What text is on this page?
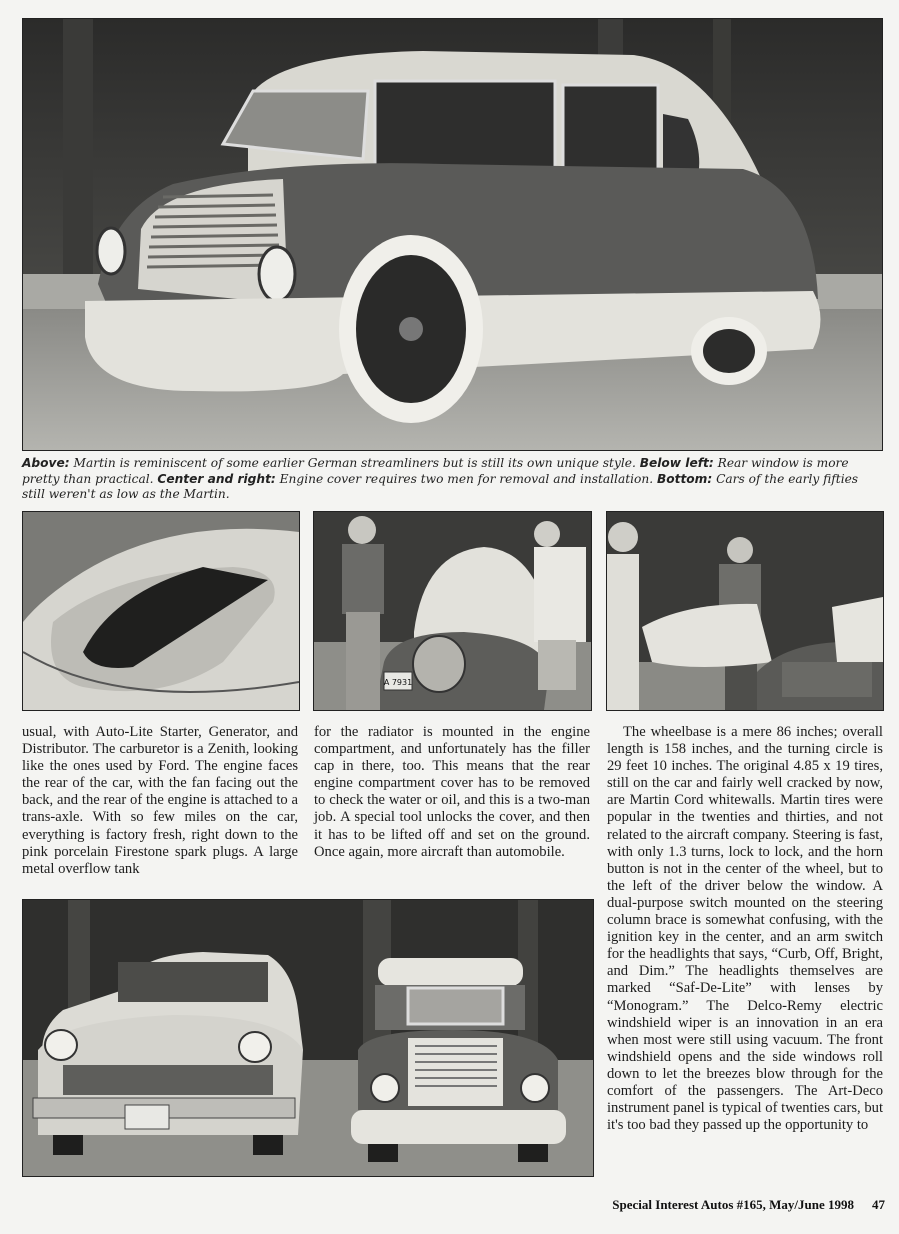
Above: Martin is reminiscent of some earlier German streamliners but is still its own unique style. Below left: Rear window is more pretty than practical. Center and right: Engine cover requires two men for removal and installation. Bottom: Cars of the early fifties still weren't as low as the Martin.
A 7931

usual, with Auto-Lite Starter, Generator, and Distributor. The carburetor is a Zenith, looking like the ones used by Ford. The engine faces the rear of the car, with the fan facing out the back, and the rear of the engine is attached to a trans-axle. With so few miles on the car, everything is factory fresh, right down to the pink porcelain Firestone spark plugs. A large metal overflow tank

for the radiator is mounted in the engine compartment, and unfortunately has the filler cap in there, too. This means that the rear engine compartment cover has to be removed to check the water or oil, and this is a two-man job. A special tool unlocks the cover, and then it has to be lifted off and set on the ground. Once again, more aircraft than automobile.

The wheelbase is a mere 86 inches; overall length is 158 inches, and the turning circle is 29 feet 10 inches. The original 4.85 x 19 tires, still on the car and fairly well cracked by now, are Martin Cord whitewalls. Martin tires were popular in the twenties and thirties, and not related to the aircraft company. Steering is fast, with only 1.3 turns, lock to lock, and the horn button is not in the center of the wheel, but to the left of the driver below the window. A dual-purpose switch mounted on the steering column brace is somewhat confusing, with the ignition key in the center, and an arm switch for the headlights that says, “Curb, Off, Bright, and Dim.” The headlights themselves are marked “Saf-De-Lite” with lenses by “Monogram.” The Delco-Remy electric windshield wiper is an innovation in an era when most were still using vacuum. The front windshield opens and the side windows roll down to let the breezes blow through for the comfort of the passengers. The Art-Deco instrument panel is typical of twenties cars, but it's too bad they passed up the opportunity to

Special Interest Autos #165, May/June 1998 47
